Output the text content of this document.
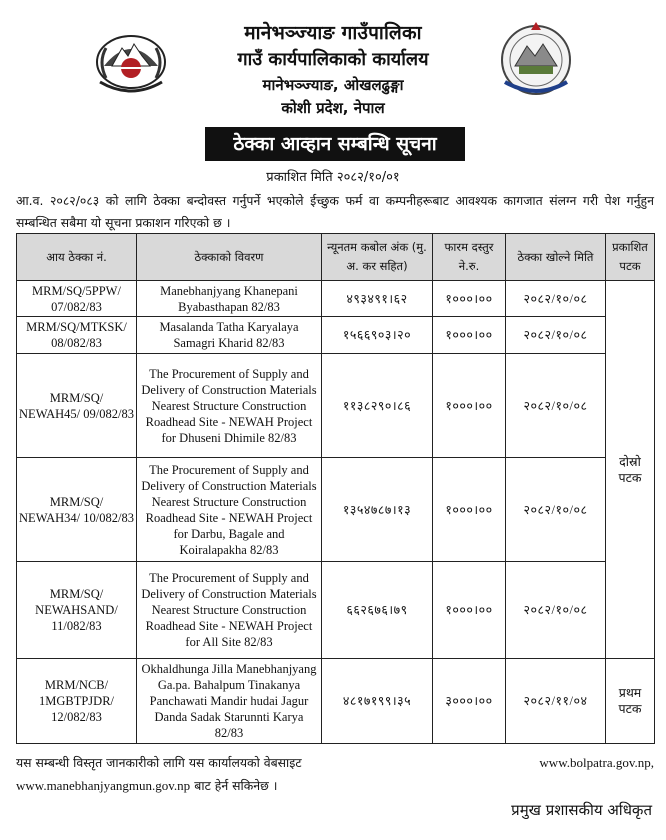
मानेभञ्ज्याङ गाउँपालिका
गाउँ कार्यपालिकाको कार्यालय
मानेभञ्ज्याङ, ओखलढुङ्गा
कोशी प्रदेश, नेपाल
ठेक्का आव्हान सम्बन्धि सूचना
प्रकाशित मिति २०८२/१०/०१
आ.व. २०८२/०८३ को लागि ठेक्का बन्दोवस्त गर्नुपर्ने भएकोले ईच्छुक फर्म वा कम्पनीहरूबाट आवश्यक कागजात संलग्न गरी पेश गर्नुहुन सम्बन्धित सबैमा यो सूचना प्रकाशन गरिएको छ ।
आय ठेक्का नं.	ठेक्काको विवरण	न्यूनतम कबोल अंक (मु. अ. कर सहित)	फारम दस्तुर ने.रु.	ठेक्का खोल्ने मिति	प्रकाशित पटक
MRM/SQ/5PPW/ 07/082/83	Manebhanjyang Khanepani Byabasthapan 82/83	४९३४९१।६२	१०००।००	२०८२/१०/०८	दोस्रो पटक
MRM/SQ/MTKSK/ 08/082/83	Masalanda Tatha Karyalaya Samagri Kharid 82/83	१५६६९०३।२०	१०००।००	२०८२/१०/०८	
MRM/SQ/ NEWAH45/ 09/082/83	The Procurement of Supply and Delivery of Construction Materials Nearest Structure Construction Roadhead Site - NEWAH Project for Dhuseni Dhimile 82/83	११३८२९०।८६	१०००।००	२०८२/१०/०८	
MRM/SQ/ NEWAH34/ 10/082/83	The Procurement of Supply and Delivery of Construction Materials Nearest Structure Construction Roadhead Site - NEWAH Project for Darbu, Bagale and Koiralapakha 82/83	१३५४७८७।१३	१०००।००	२०८२/१०/०८	
MRM/SQ/ NEWAHSAND/ 11/082/83	The Procurement of Supply and Delivery of Construction Materials Nearest Structure Construction Roadhead Site - NEWAH Project for All Site 82/83	६६२६७६।७९	१०००।००	२०८२/१०/०८	
MRM/NCB/ 1MGBTPJDR/ 12/082/83	Okhaldhunga Jilla Manebhanjyang Ga.pa. Bahalpum Tinakanya Panchawati Mandir hudai Jagur Danda Sadak Starunnti Karya 82/83	४८१७१९९।३५	३०००।००	२०८२/११/०४	प्रथम पटक
यस सम्बन्धी विस्तृत जानकारीको लागि यस कार्यालयको वेबसाइट	www.bolpatra.gov.np,
www.manebhanjyangmun.gov.np बाट हेर्न सकिनेछ ।
प्रमुख प्रशासकीय अधिकृत
